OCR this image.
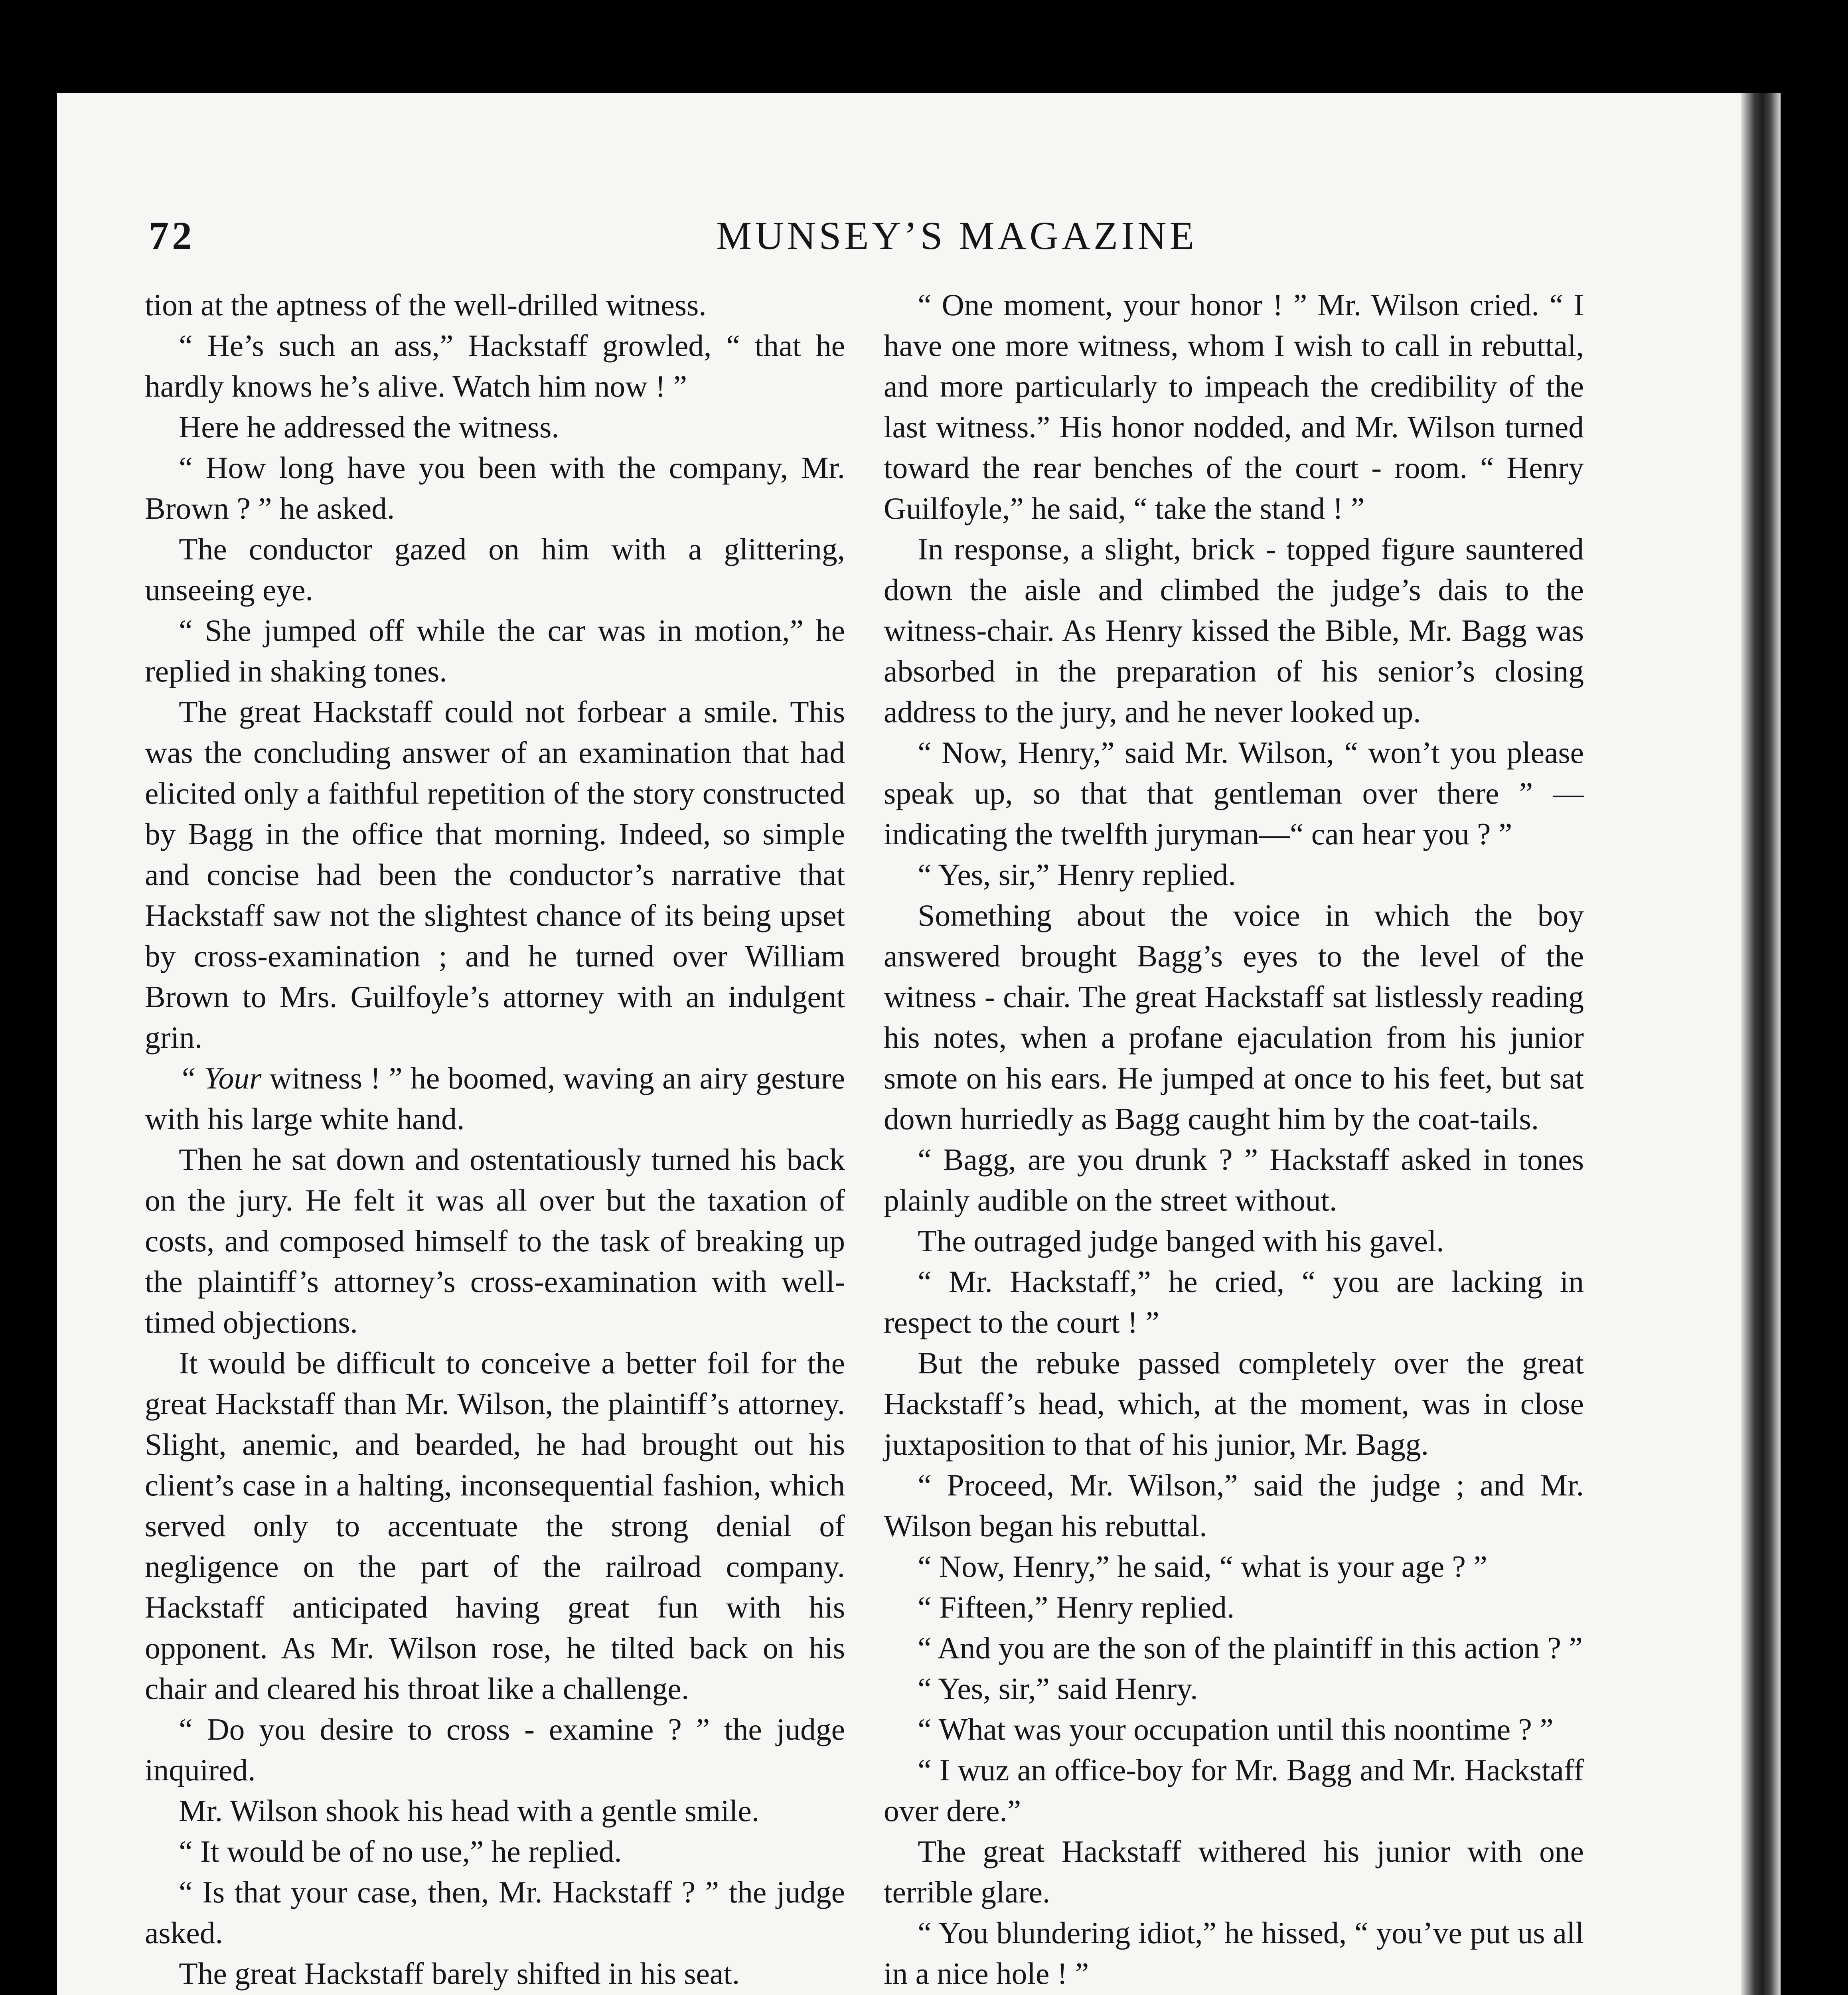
72	MUNSEY’S MAGAZINE

tion at the aptness of the well-drilled witness.

“ He’s such an ass,” Hackstaff growled, “ that he hardly knows he’s alive. Watch him now ! ”

Here he addressed the witness.

“ How long have you been with the company, Mr. Brown ? ” he asked.

The conductor gazed on him with a glittering, unseeing eye.

“ She jumped off while the car was in motion,” he replied in shaking tones.

The great Hackstaff could not forbear a smile. This was the concluding answer of an examination that had elicited only a faithful repetition of the story constructed by Bagg in the office that morning. Indeed, so simple and concise had been the conductor’s narrative that Hackstaff saw not the slightest chance of its being upset by cross-examination ; and he turned over William Brown to Mrs. Guilfoyle’s attorney with an indulgent grin.

“ Your witness ! ” he boomed, waving an airy gesture with his large white hand.

Then he sat down and ostentatiously turned his back on the jury. He felt it was all over but the taxation of costs, and composed himself to the task of breaking up the plaintiff’s attorney’s cross-examination with well-timed objections.

It would be difficult to conceive a better foil for the great Hackstaff than Mr. Wilson, the plaintiff’s attorney. Slight, anemic, and bearded, he had brought out his client’s case in a halting, inconsequential fashion, which served only to accentuate the strong denial of negligence on the part of the railroad company. Hackstaff anticipated having great fun with his opponent. As Mr. Wilson rose, he tilted back on his chair and cleared his throat like a challenge.

“ Do you desire to cross - examine ? ” the judge inquired.

Mr. Wilson shook his head with a gentle smile.

“ It would be of no use,” he replied.

“ Is that your case, then, Mr. Hackstaff ? ” the judge asked.

The great Hackstaff barely shifted in his seat.

“ One moment, your honor ! ” Mr. Wilson cried. “ I have one more witness, whom I wish to call in rebuttal, and more particularly to impeach the credibility of the last witness.” His honor nodded, and Mr. Wilson turned toward the rear benches of the court - room. “ Henry Guilfoyle,” he said, “ take the stand ! ”

In response, a slight, brick - topped figure sauntered down the aisle and climbed the judge’s dais to the witness-chair. As Henry kissed the Bible, Mr. Bagg was absorbed in the preparation of his senior’s closing address to the jury, and he never looked up.

“ Now, Henry,” said Mr. Wilson, “ won’t you please speak up, so that that gentleman over there ” — indicating the twelfth juryman—“ can hear you ? ”

“ Yes, sir,” Henry replied.

Something about the voice in which the boy answered brought Bagg’s eyes to the level of the witness - chair. The great Hackstaff sat listlessly reading his notes, when a profane ejaculation from his junior smote on his ears. He jumped at once to his feet, but sat down hurriedly as Bagg caught him by the coat-tails.

“ Bagg, are you drunk ? ” Hackstaff asked in tones plainly audible on the street without.

The outraged judge banged with his gavel.

“ Mr. Hackstaff,” he cried, “ you are lacking in respect to the court ! ”

But the rebuke passed completely over the great Hackstaff’s head, which, at the moment, was in close juxtaposition to that of his junior, Mr. Bagg.

“ Proceed, Mr. Wilson,” said the judge ; and Mr. Wilson began his rebuttal.

“ Now, Henry,” he said, “ what is your age ? ”

“ Fifteen,” Henry replied.

“ And you are the son of the plaintiff in this action ? ”

“ Yes, sir,” said Henry.

“ What was your occupation until this noontime ? ”

“ I wuz an office-boy for Mr. Bagg and Mr. Hackstaff over dere.”

The great Hackstaff withered his junior with one terrible glare.

“ You blundering idiot,” he hissed, “ you’ve put us all in a nice hole ! ”
